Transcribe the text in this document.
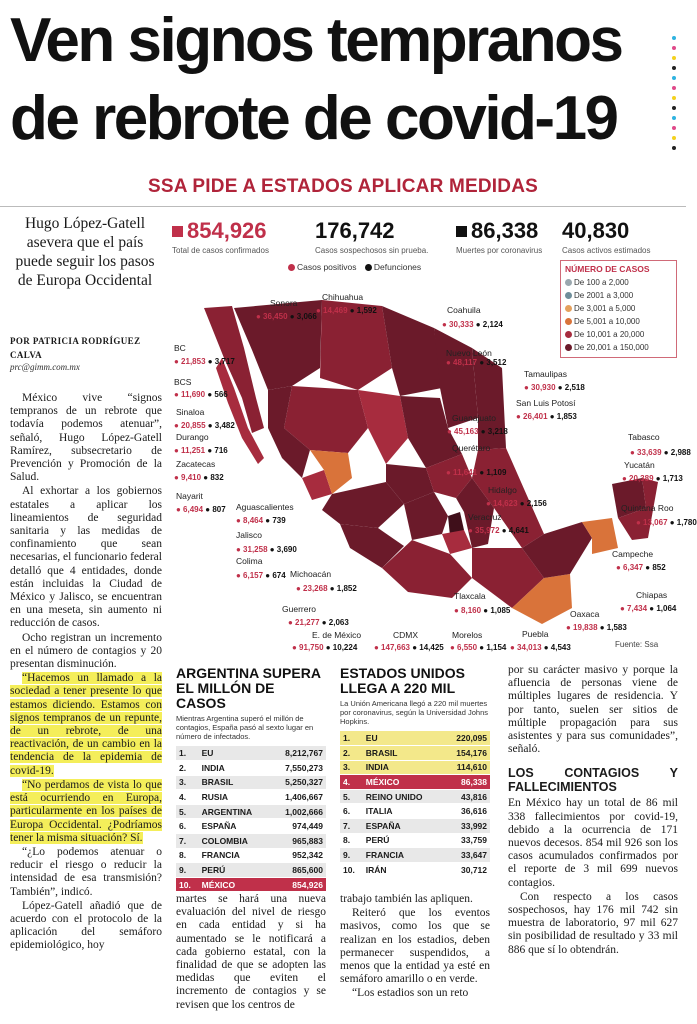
Ven signos tempranos
de rebrote de covid-19
SSA PIDE A ESTADOS APLICAR MEDIDAS
Hugo López-Gatell asevera que el país puede seguir los pasos de Europa Occidental
POR PATRICIA RODRÍGUEZ CALVA
prc@gimm.com.mx

México vive “signos tempranos de un rebrote que todavía podemos atenuar”, señaló, Hugo López-Gatell Ramírez, subsecretario de Prevención y Promoción de la Salud.

Al exhortar a los gobiernos estatales a aplicar los lineamientos de seguridad sanitaria y las medidas de confinamiento que sean necesarias, el funcionario federal detalló que 4 entidades, donde están incluidas la Ciudad de México y Jalisco, se encuentran en una meseta, sin aumento ni reducción de casos.

Ocho registran un incremento en el número de contagios y 20 presentan disminución.

“Hacemos un llamado a la sociedad a tener presente lo que estamos diciendo. Estamos con signos tempranos de un repunte, de un rebrote, de una reactivación, de un cambio en la tendencia de la epidemia de covid-19.

“No perdamos de vista lo que está ocurriendo en Europa, particularmente en los países de Europa Occidental. ¿Podríamos tener la misma situación? Sí.

“¿Lo podemos atenuar o reducir el riesgo o reducir la intensidad de esa transmisión? También”, indicó.

López-Gatell añadió que de acuerdo con el protocolo de la aplicación del semáforo epidemiológico, hoy

854,926
Total de casos confirmados
176,742
Casos sospechosos sin prueba.
86,338
Muertes por coronavirus
40,830
Casos activos estimados
Casos positivos Defunciones
Sonora
● 36,450 ● 3,066
Chihuahua
● 14,469 ● 1,592	Coahuila
● 30,333 ● 2,124
Nuevo León
● 48,117 ● 3,512
Tamaulipas
● 30,930 ● 2,518
San Luis Potosí
● 26,401 ● 1,853
Guanajuato
● 45,163 ● 3,218
Querétaro
● 11,641 ● 1,109
Hidalgo
● 14,623 ● 2,156
Veracruz
● 35,972 ● 4,641
Tabasco
● 33,639 ● 2,988
Yucatán
● 20,389 ● 1,713
Quintana Roo
● 13,067 ● 1,780
Campeche
● 6,347 ● 852
Chiapas
● 7,434 ● 1,064
Oaxaca
● 19,838 ● 1,583
Puebla
● 34,013 ● 4,543
Tlaxcala
● 8,160 ● 1,085
Morelos
● 6,550 ● 1,154
CDMX
● 147,663 ● 14,425
E. de México
● 91,750 ● 10,224
Guerrero
● 21,277 ● 2,063
Michoacán
● 23,268 ● 1,852
Colima
● 6,157 ● 674
Jalisco
● 31,258 ● 3,690
Aguascalientes
● 8,464 ● 739
Nayarit
● 6,494 ● 807
Zacatecas
● 9,410 ● 832
Durango
● 11,251 ● 716
Sinaloa
● 20,855 ● 3,482
BCS
● 11,690 ● 566
BC
● 21,853 ● 3,717
NÚMERO DE CASOS
De 100 a 2,000
De 2001 a 3,000
De 3,001 a 5,000
De 5,001 a 10,000
De 10,001 a 20,000
De 20,001 a 150,000
Fuente: Ssa
ARGENTINA SUPERA EL MILLÓN DE CASOS
Mientras Argentina superó el millón de contagios, España pasó al sexto lugar en número de infectados.
1.	EU	8,212,767
2.	INDIA	7,550,273
3.	BRASIL	5,250,327
4.	RUSIA	1,406,667
5.	ARGENTINA	1,002,666
6.	ESPAÑA	974,449
7.	COLOMBIA	965,883
8.	FRANCIA	952,342
9.	PERÚ	865,600
10.	MÉXICO	854,926
ESTADOS UNIDOS LLEGA A 220 MIL
La Unión Americana llegó a 220 mil muertes por coronavirus, según la Universidad Johns Hopkins.
1.	EU	220,095
2.	BRASIL	154,176
3.	INDIA	114,610
4.	MÉXICO	86,338
5.	REINO UNIDO	43,816
6.	ITALIA	36,616
7.	ESPAÑA	33,992
8.	PERÚ	33,759
9.	FRANCIA	33,647
10.	IRÁN	30,712

martes se hará una nueva evaluación del nivel de riesgo en cada entidad y si ha aumentado se le notificará a cada gobierno estatal, con la finalidad de que se adopten las medidas que eviten el incremento de contagios y se revisen que los centros de

trabajo también las apliquen.

Reiteró que los eventos masivos, como los que se realizan en los estadios, deben permanecer suspendidos, a menos que la entidad ya esté en semáforo amarillo o en verde.

“Los estadios son un reto

por su carácter masivo y porque la afluencia de personas viene de múltiples lugares de residencia. Y por tanto, suelen ser sitios de múltiple propagación para sus asistentes y para sus comunidades”, señaló.

LOS CONTAGIOS Y FALLECIMIENTOS

En México hay un total de 86 mil 338 fallecimientos por covid-19, debido a la ocurrencia de 171 nuevos decesos. 854 mil 926 son los casos acumulados confirmados por el reporte de 3 mil 699 nuevos contagios.

Con respecto a los casos sospechosos, hay 176 mil 742 sin muestra de laboratorio, 97 mil 627 sin posibilidad de resultado y 33 mil 886 que sí lo obtendrán.
